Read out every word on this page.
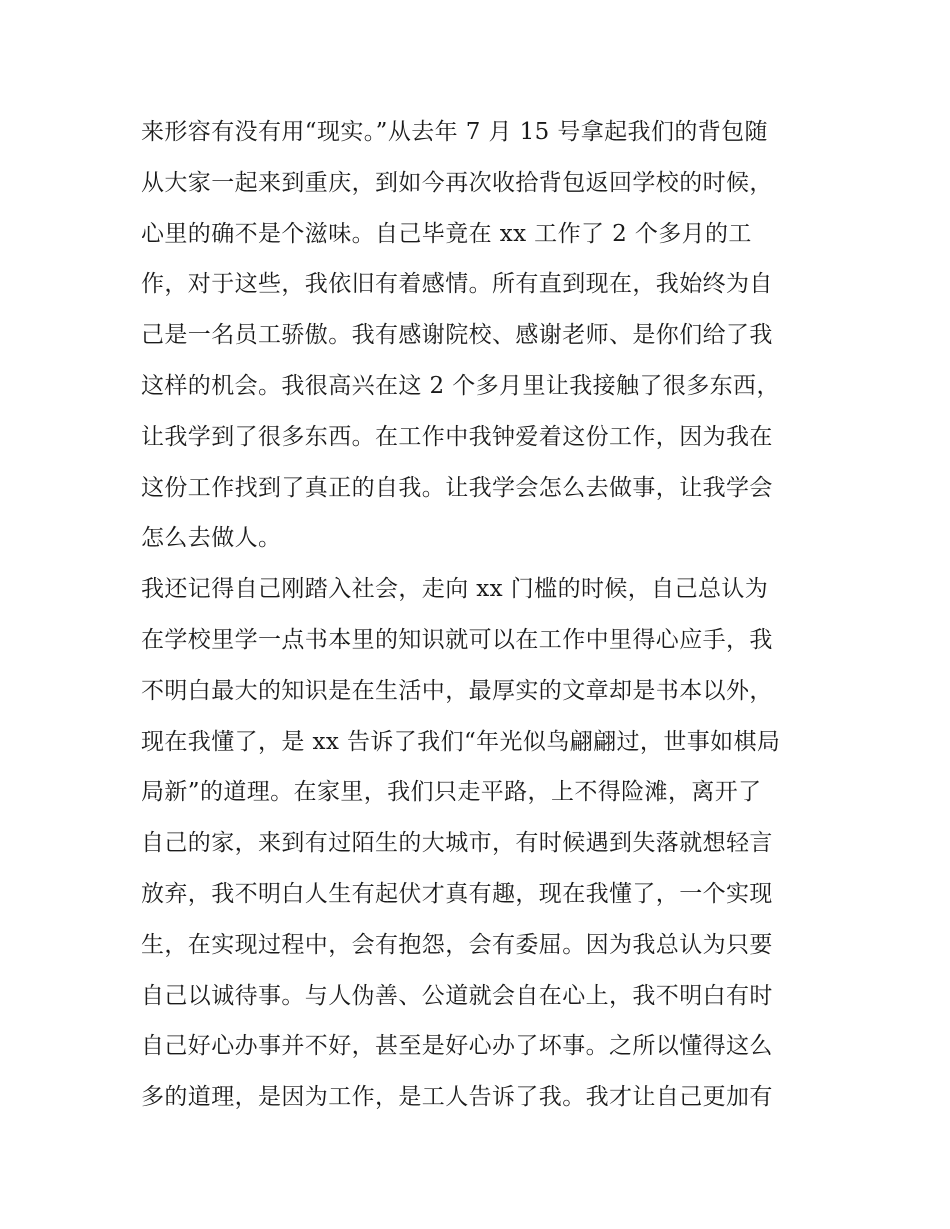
来形容有没有用“现实。”从去年 7 月 15 号拿起我们的背包随
从大家一起来到重庆，到如今再次收拾背包返回学校的时候，
心里的确不是个滋味。自己毕竟在 xx 工作了 2 个多月的工
作，对于这些，我依旧有着感情。所有直到现在，我始终为自
己是一名员工骄傲。我有感谢院校、感谢老师、是你们给了我
这样的机会。我很高兴在这 2 个多月里让我接触了很多东西，
让我学到了很多东西。在工作中我钟爱着这份工作，因为我在
这份工作找到了真正的自我。让我学会怎么去做事，让我学会
怎么去做人。
我还记得自己刚踏入社会，走向 xx 门槛的时候，自己总认为
在学校里学一点书本里的知识就可以在工作中里得心应手，我
不明白最大的知识是在生活中，最厚实的文章却是书本以外，
现在我懂了，是 xx 告诉了我们“年光似鸟翩翩过，世事如棋局
局新”的道理。在家里，我们只走平路，上不得险滩，离开了
自己的家，来到有过陌生的大城市，有时候遇到失落就想轻言
放弃，我不明白人生有起伏才真有趣，现在我懂了，一个实现
生，在实现过程中，会有抱怨，会有委屈。因为我总认为只要
自己以诚待事。与人伪善、公道就会自在心上，我不明白有时
自己好心办事并不好，甚至是好心办了坏事。之所以懂得这么
多的道理，是因为工作，是工人告诉了我。我才让自己更加有
